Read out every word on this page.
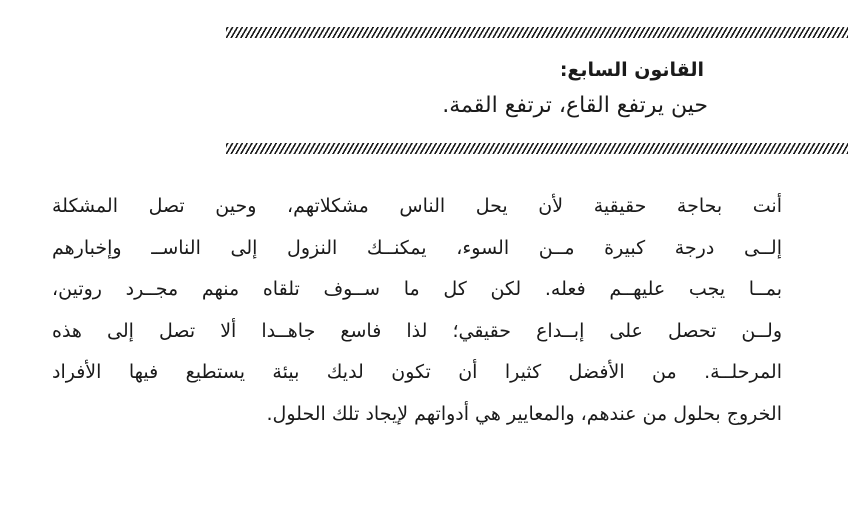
القانون السابع:
حين يرتفع القاع، ترتفع القمة.
أنت بحاجة حقيقية لأن يحل الناس مشكلاتهم، وحين تصل المشكلة
إلــى درجة كبيرة مــن السوء، يمكنــك النزول إلى الناســ وإخبارهم
بمــا يجب عليهــم فعله. لكن كل ما ســوف تلقاه منهم مجــرد روتين،
ولــن تحصل على إبــداع حقيقي؛ لذا فاسع جاهــدا ألا تصل إلى هذه
المرحلــة. من الأفضل كثيرا أن تكون لديك بيئة يستطيع فيها الأفراد
الخروج بحلول من عندهم، والمعايير هي أدواتهم لإيجاد تلك الحلول.
